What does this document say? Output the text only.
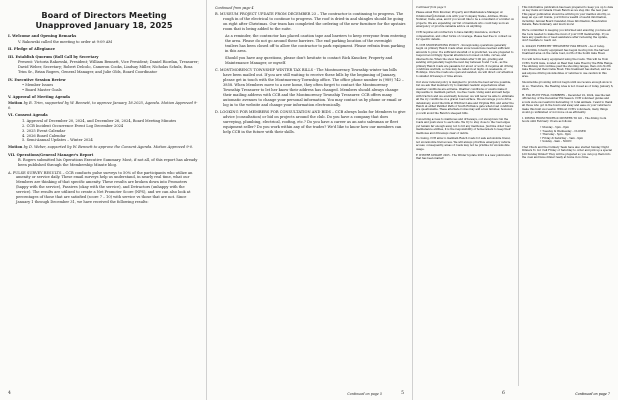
Board of Directors Meeting
Unapproved January 18, 2025
I. Welcome and Opening Remarks

V. Rakowski called the meeting to order at 9:09 AM

II. Pledge of Allegiance
III. Establish Quorum (Roll Call by Secretary

Present: Victoria Rakowski, President; William Bennett, Vice President; Daniel Riordan, Treasurer; David Weber, Secretary; Robert Delcolo, Cameron Cooks, Lindsay Miller, Nicholas Schulz, Rosa Trim Sr., Brian Rogers, General Manager, and Julie Olds, Board Coordinator

IV. Executive Session Review

• Member Issues

• Board Master Goals

V. Approval of Meeting Agenda

Motion by R. Trim, supported by W. Bennett, to approve January 18.2025, Agenda. Motion Approved 9-0.

VI. Consent Agenda

1. Approval of December 20, 2024, and December 26, 2024, Board Meeting Minutes

2. CCB Incident Occurrence Event Log December 2024

3. 2025 Event Calendar

4. 2026 Board Calendar

5. Semi-Annual Updates – Winter 2024

Motion by D. Weber, supported by W. Bennett to approve the Consent Agenda. Motion Approved 9-0.

VII. Operations/General Manager's Report

B. Rogers submitted his Operations Executive Summary. Most, if not all, of this report has already been published through the Membership Minute blog.

A. PULSE SURVEY RESULTS – CCB conducts pulse surveys to 50% of the participants who utilize an amenity or service daily. These email surveys help us understand, in nearly real time, what our Members are thinking of that specific amenity. These results are broken down into Promoters (happy with the service), Passives (okay with the service), and Detractors (unhappy with the service). The results are utilized to create a Net Promoter Score (NPS), and we can also look at percentages of those that are satisfied (score 7 – 10) with service vs those that are not. Since January 1 through December 31, we have received the following results:

4
Continued from page 4

B. MUSEUM PROJECT UPDATE FROM DECEMBER 23 – The contractor is continuing to progress. The rough in of the electrical to continue to progress. The roof is dried-in and shingles should be going on right after Christmas. Our team has completed the ordering of the new furniture for the upstairs room that is being added to the suite.

As a reminder, the contractor has placed caution tape and barriers to keep everyone from entering the area. Please do not go around these barriers. The end parking location of the overnight trailers has been closed off to allow the contractor to park equipment. Please refrain from parking in this area.

Should you have any questions, please don't hesitate to contact Rick Knucker, Property and Maintenance Manager, or myself.

C. MONTMORENCY TOWNSHIP WINTER TAX BILLS - The Montmorency Township winter tax bills have been mailed out. If you are still waiting to receive these bills by the beginning of January, please get in touch with the Montmorency Township office. The office phone number is (989) 742 – 3858. When Members move to a new home, they often forget to contact the Montmorency Township Treasurer to let her know their address has changed. Members should always change their mailing address with CCB and the Montmorency Township Treasurer. CCB offers many automatic avenues to change your personal information. You may contact us by phone or email or log in to the website and change your information electronically.

D. LOOKING FOR MEMBERS FOR CONSULTATION AND BIDS – CCB always looks for Members to give advice (consultation) or bid on projects around the club. Do you have a company that does surveying, plumbing, electrical, roofing, etc.? Do you have a career as an auto salesman or fleet equipment seller? Do you work within any of the trades? We'd like to know how our members can help CCB in the future with their skills.

Continued on page 5	5
Continued from page 5

Please email Rick Knucker, Property and Maintenance Manager, at rickknucker@clubmail.com with your Company Name, Address, Phone Number, trade, area, and if you would like to be a consultant or a bidder on projects. We are expanding our list of members who could help us in an emergency or provide valuable advice on anything.

CCB requires all contractors to have liability insurance, worker's compensation, and other forms of coverage. Please feel free to contact us for specific details.

E. CCB SNOWPLOWING POLICY - Snowplowing operations generally begin on primary Ranch roads when snow levels have reached sufficient amounts to plow. If a sufficient snowfall or is predicted, we are prepared to respond accordingly. Special attention is focused on hills, curves, and intersections. When the snow has fallen after 5:00 pm, grading and sanding will generally begin the next day between 6 and 7 a.m., as the primary Ranch roads are passable for about or work. It requires all driving conditions warrant, a crew may be called in at night, on weekends, or Holidays. Once the roads are open and sanded, we will direct our attention to smaller driveways or time allows.

Our snow removal policy is designed to provide the best service possible, but we ask that members try to maintain realistic expectations when weather conditions are extreme. Weather conditions or events make it impossible to maintain perfect, ice-free roads. Using sand and salt helps with traction and we eventually however, we will never be able to eliminate all the icy conditions on a gravel road surface. We encourage you to drive defensively, avoid the hills at Wildfowl Lake and Virginia Hill, and enter the Ranch at either Panther Path or South Entrance gate when road conditions are questionable. These alternate routes may add a few minutes; however, you will avoid the Ranch's steepest hills.

Concerning access to mailboxes and driveways, our snowplows run the roads and push snow to each side. We try to stay close to the road edges yet remain far enough away not to hit any mailboxes. Just like other road maintenance entities, it is the responsibility of homeowners to keep their mailboxes and driveways clear of debris.

In closing, CCB aims to maintain Ranch roads for safe automobile travel, not snowmobile trail access. We will always prioritize emergency vehicle access; consequently, areas of roads may not be pristine for snowmobile usage.

F. WINTER UPDATE 2025 - The Winter Update 2025 is a new publication that has been mailed!

6

This informative publication has been prepared to keep you up to date on key items at Canada Creek Ranch as we step into the new year. This paper publication should be arriving in your mailbox shortly, so keep an eye out! Inside, you'll find a wealth of useful information, including: Annual Board Calendar, Dues Information, Reservation Details, Rate Summary, and much more!

We're committed to keeping you informed and ensuring you have all the tools needed to make the most of your CCB membership. If you have any questions or need assistance after reviewing the update, don't hesitate to reach out.

G. 2024/25 FORESTRY TREATMENT HAS BEGUN - As of today, 12/12/2024, forestry equipment has begun moving into the harvest treatment area on the cable road, north of the South Gate Road.

You will notice heavy equipment using the roads. This will be from CCB's North Gate, located on Bear Den Lake Road by the Rifle Range. The skidway will continue past the shooting ranges, then onto North Gate Road and then Cable Road. This treatment has started, and we ask anyone driving snowmobiles or vehicles to use caution in this area.

Snowmobile grooming will not begin until we receive enough snow to do so. Therefore, the Heating Area is not closed as of today, January 6, 2025.

H. ELK HUNT FINAL NUMBERS – December 22, 2024, was the last official day of the December Elk Season. CCB volunteer guides and scouts were successful in harvesting 11 total animals. I want to thank all those who got in the hours and away and ease on your vehicles to make this hunt successful. Without CCB's volunteers, many things would go unfinished or not move on as efficiently.

I. DINING ROOM HOURS & DINNERS TO GO – The dining room hours until February 16 are as follows:

• Monday - 5pm - 8pm

• Tuesday & Wednesday – CLOSED

• Thursday - 5pm - 8pm

• Friday & Saturday – 5am - 9pm

• Sunday - 9am – NOON

Chef Chuck and the Culinary Team have also started Sunday Night Dinners To Go! Call Friday or Saturday to order and pick up a special $10 Sunday Dinner! They will be prepared so you can pop them into the oven and have dinner ready at home in no time.

Continued on page 7
